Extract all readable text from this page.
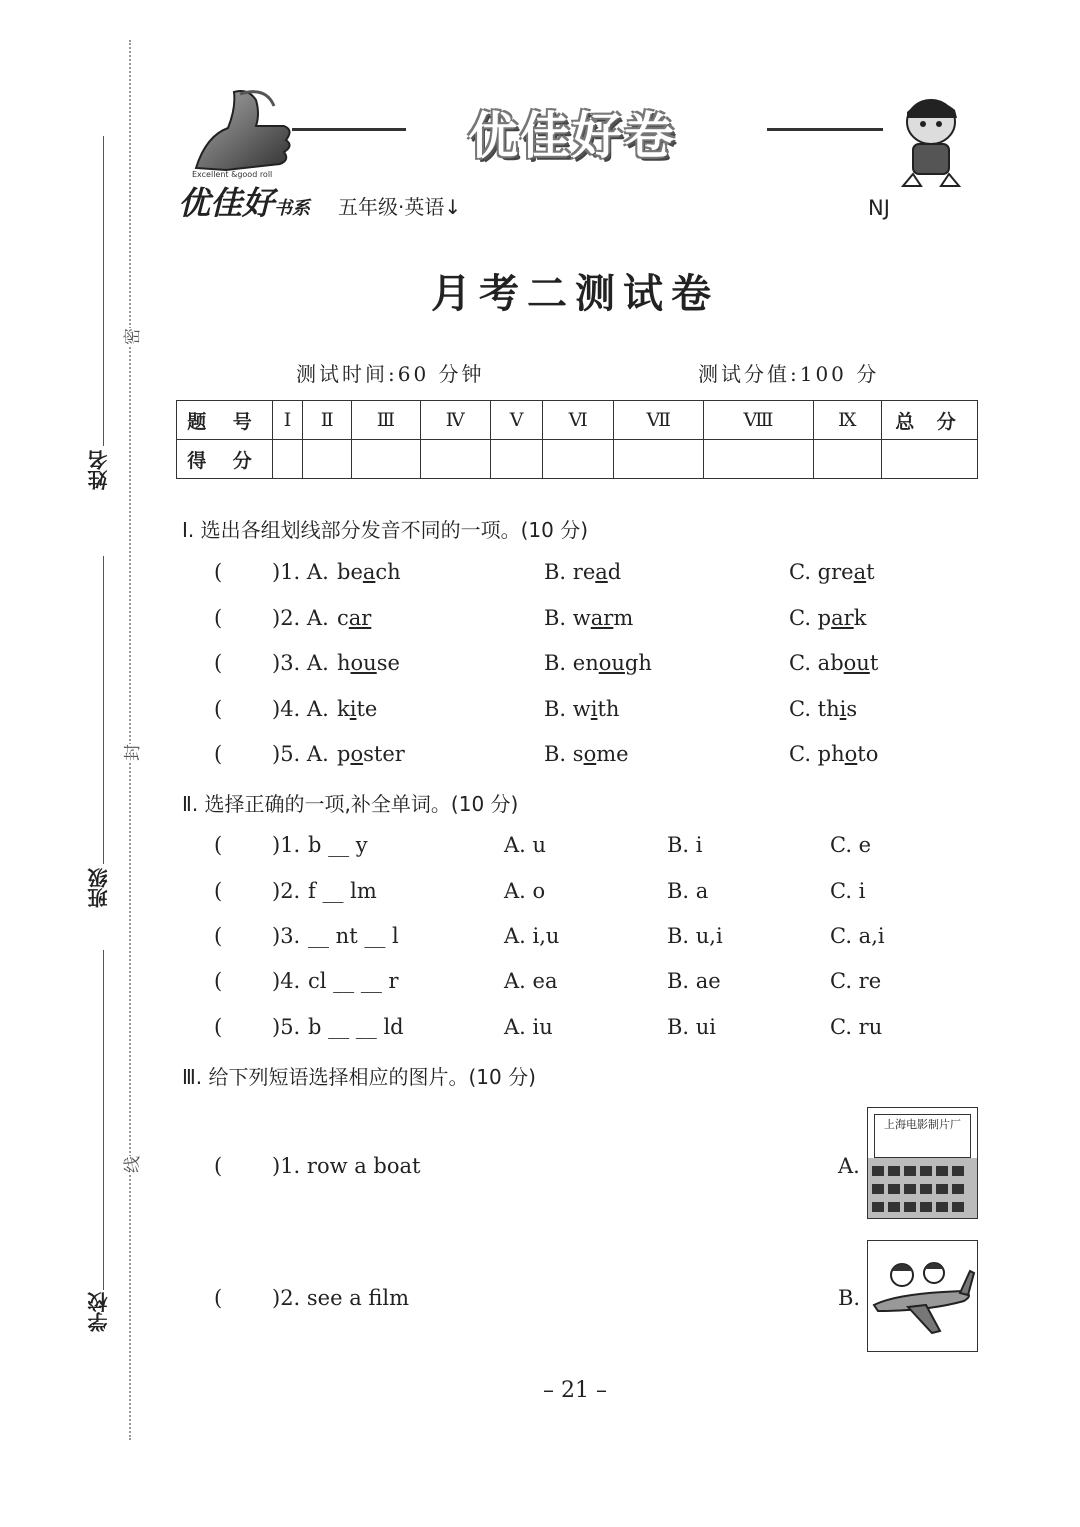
密
封
线
姓名
班级
学校
Excellent &good roll
优佳好书系 五年级·英语↓
优佳好卷
NJ
月考二测试卷
测试时间:60 分钟	测试分值:100 分
题 号	Ⅰ	Ⅱ	Ⅲ	Ⅳ	Ⅴ	Ⅵ	Ⅶ	Ⅷ	Ⅸ	总 分
得 分										
Ⅰ. 选出各组划线部分发音不同的一项。(10 分)
( )1. A. beach	B. read	C. great
( )2. A. car	B. warm	C. park
( )3. A. house	B. enough	C. about
( )4. A. kite	B. with	C. this
( )5. A. poster	B. some	C. photo
Ⅱ. 选择正确的一项,补全单词。(10 分)
( )1. b __ y	A. u	B. i	C. e
( )2. f __ lm	A. o	B. a	C. i
( )3. __ nt __ l	A. i,u	B. u,i	C. a,i
( )4. cl __ __ r	A. ea	B. ae	C. re
( )5. b __ __ ld	A. iu	B. ui	C. ru
Ⅲ. 给下列短语选择相应的图片。(10 分)
( )1. row a boat	A.
上海电影制片厂
( )2. see a film	B.
– 21 –
